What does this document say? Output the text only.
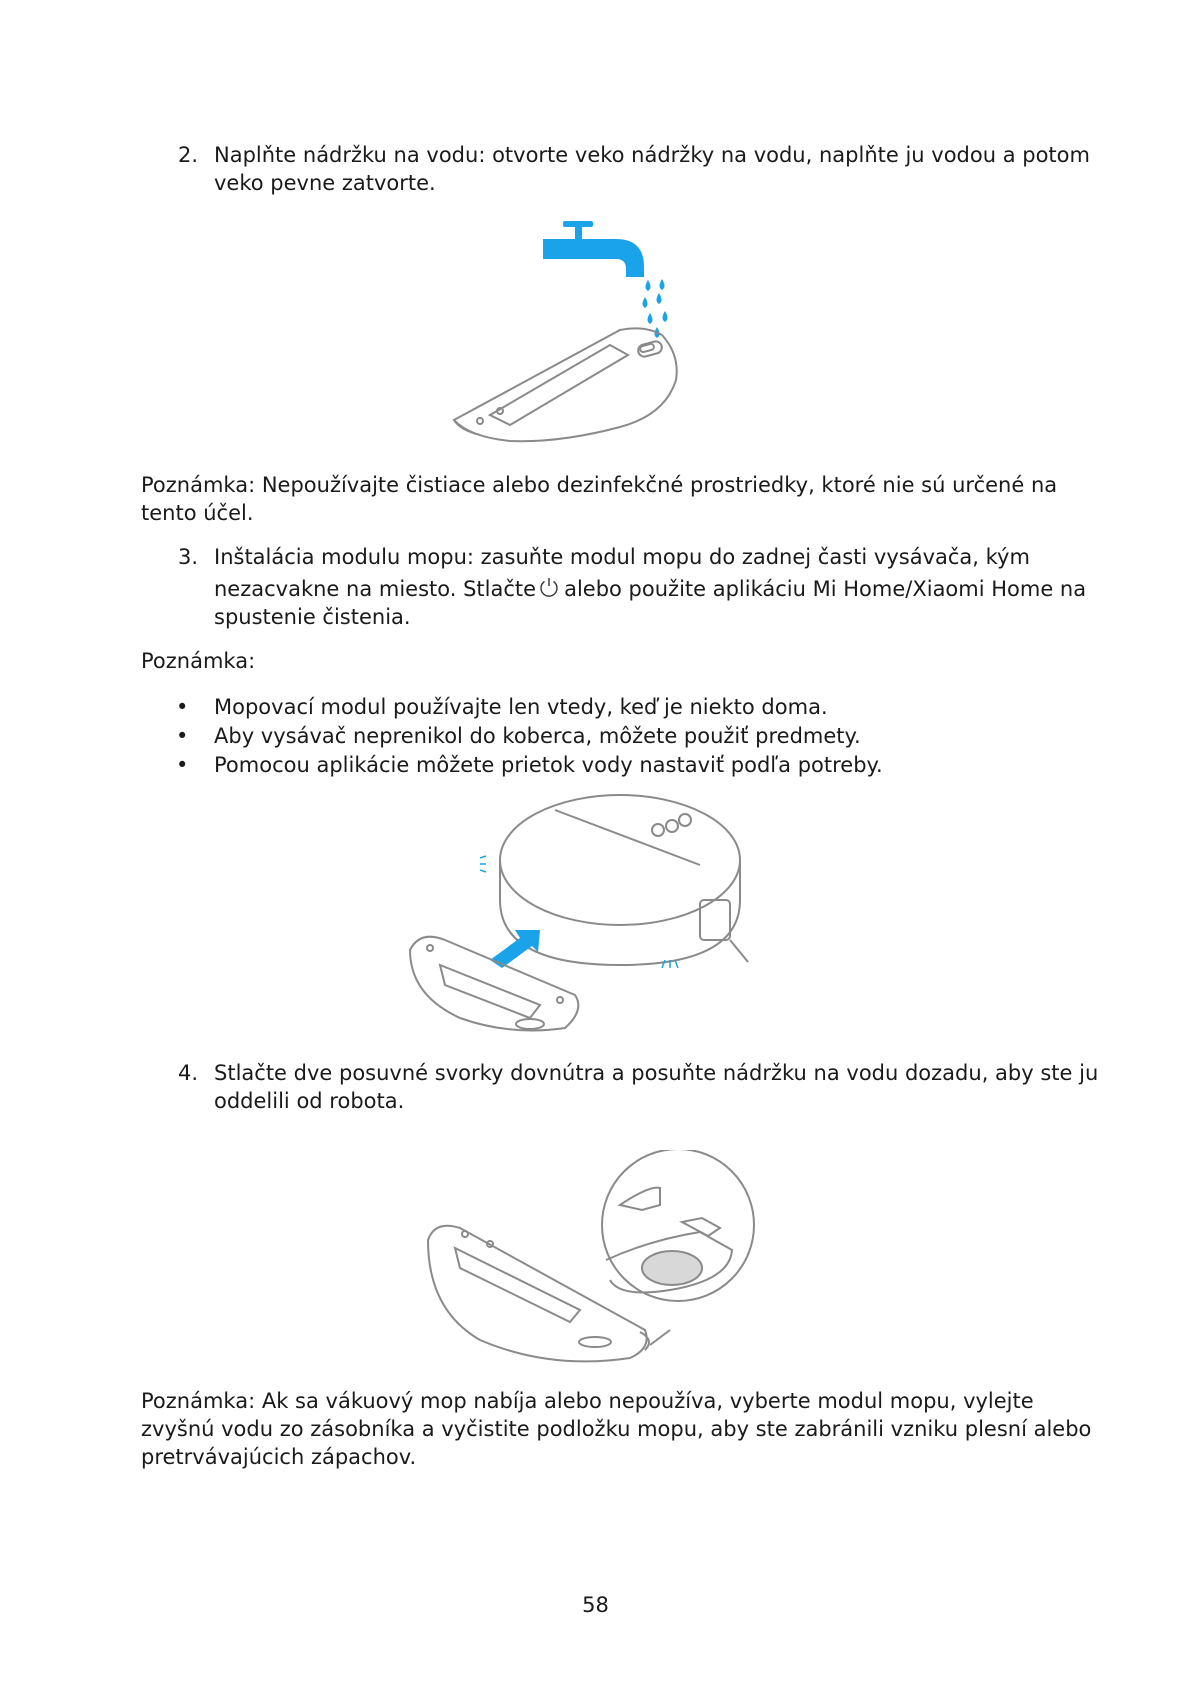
2. Naplňte nádržku na vodu: otvorte veko nádržky na vodu, naplňte ju vodou a potom
veko pevne zatvorte.
Poznámka: Nepoužívajte čistiace alebo dezinfekčné prostriedky, ktoré nie sú určené na
tento účel.
3. Inštalácia modulu mopu: zasuňte modul mopu do zadnej časti vysávača, kým
nezacvakne na miesto. Stlačte alebo použite aplikáciu Mi Home/Xiaomi Home na
spustenie čistenia.
Poznámka:
• Mopovací modul používajte len vtedy, keď je niekto doma.
• Aby vysávač neprenikol do koberca, môžete použiť predmety.
• Pomocou aplikácie môžete prietok vody nastaviť podľa potreby.
4. Stlačte dve posuvné svorky dovnútra a posuňte nádržku na vodu dozadu, aby ste ju
oddelili od robota.
Poznámka: Ak sa vákuový mop nabíja alebo nepoužíva, vyberte modul mopu, vylejte
zvyšnú vodu zo zásobníka a vyčistite podložku mopu, aby ste zabránili vzniku plesní alebo
pretrvávajúcich zápachov.
58
